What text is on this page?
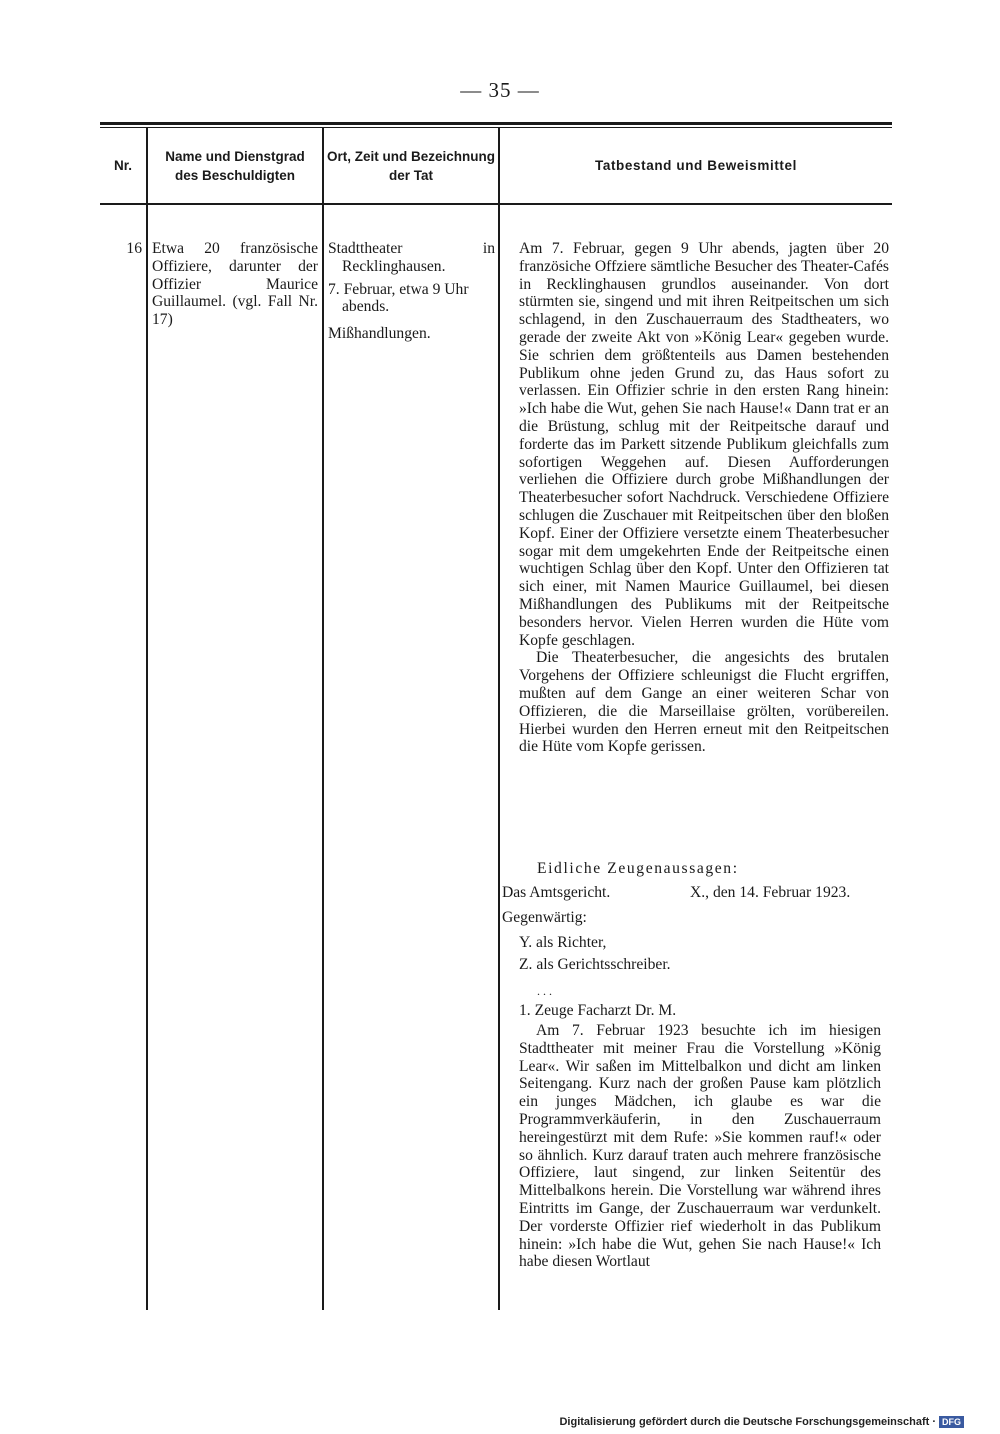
— 35 —
Nr.
Name und Dienstgrad des Beschuldigten
Ort, Zeit und Bezeichnung der Tat
Tatbestand und Beweismittel
16 Etwa 20 französische Offiziere, darunter der Offizier Maurice Guillaumel. (vgl. Fall Nr. 17)
Stadttheater in Recklinghausen.
7. Februar, etwa 9 Uhr abends.
Mißhandlungen.

Am 7. Februar, gegen 9 Uhr abends, jagten über 20 französiche Offziere sämtliche Besucher des Theater-Cafés in Recklinghausen grundlos auseinander. Von dort stürmten sie, singend und mit ihren Reitpeitschen um sich schlagend, in den Zuschauerraum des Stadtheaters, wo gerade der zweite Akt von »König Lear« gegeben wurde. Sie schrien dem größtenteils aus Damen bestehenden Publikum ohne jeden Grund zu, das Haus sofort zu verlassen. Ein Offizier schrie in den ersten Rang hinein: »Ich habe die Wut, gehen Sie nach Hause!« Dann trat er an die Brüstung, schlug mit der Reitpeitsche darauf und forderte das im Parkett sitzende Publikum gleichfalls zum sofortigen Weggehen auf. Diesen Aufforderungen verliehen die Offiziere durch grobe Mißhandlungen der Theaterbesucher sofort Nachdruck. Verschiedene Offiziere schlugen die Zuschauer mit Reitpeitschen über den bloßen Kopf. Einer der Offiziere versetzte einem Theaterbesucher sogar mit dem umgekehrten Ende der Reitpeitsche einen wuchtigen Schlag über den Kopf. Unter den Offizieren tat sich einer, mit Namen Maurice Guillaumel, bei diesen Mißhandlungen des Publikums mit der Reitpeitsche besonders hervor. Vielen Herren wurden die Hüte vom Kopfe geschlagen.

Die Theaterbesucher, die angesichts des brutalen Vorgehens der Offiziere schleunigst die Flucht ergriffen, mußten auf dem Gange an einer weiteren Schar von Offizieren, die die Marseillaise grölten, vorübereilen. Hierbei wurden den Herren erneut mit den Reitpeitschen die Hüte vom Kopfe gerissen.

Eidliche Zeugenaussagen:
Das Amtsgericht.	X., den 14. Februar 1923.
Gegenwärtig:
Y. als Richter,
Z. als Gerichtsschreiber.
. . .
1. Zeuge Facharzt Dr. M.

Am 7. Februar 1923 besuchte ich im hiesigen Stadttheater mit meiner Frau die Vorstellung »König Lear«. Wir saßen im Mittelbalkon und dicht am linken Seitengang. Kurz nach der großen Pause kam plötzlich ein junges Mädchen, ich glaube es war die Programmverkäuferin, in den Zuschauerraum hereingestürzt mit dem Rufe: »Sie kommen rauf!« oder so ähnlich. Kurz darauf traten auch mehrere französische Offiziere, laut singend, zur linken Seitentür des Mittelbalkons herein. Die Vorstellung war während ihres Eintritts im Gange, der Zuschauerraum war verdunkelt. Der vorderste Offizier rief wiederholt in das Publikum hinein: »Ich habe die Wut, gehen Sie nach Hause!« Ich habe diesen Wortlaut

Digitalisierung gefördert durch die Deutsche Forschungsgemeinschaft · DFG
